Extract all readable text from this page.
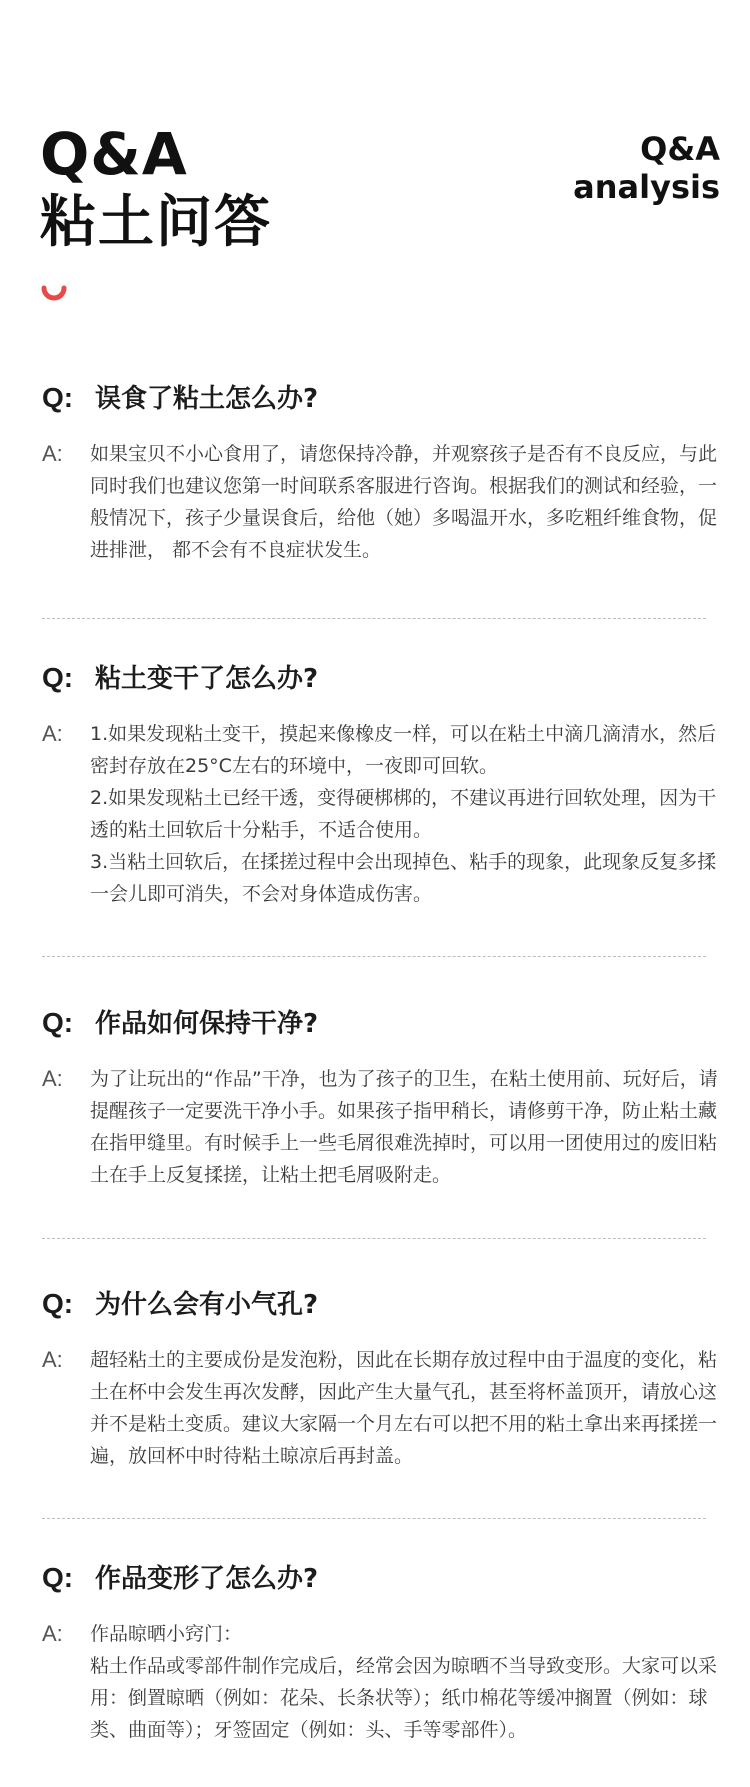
Q&A
粘土问答
Q&A
analysis
Q: 误食了粘土怎么办?
A:	如果宝贝不小心食用了，请您保持冷静，并观察孩子是否有不良反应，与此同时我们也建议您第一时间联系客服进行咨询。根据我们的测试和经验，一般情况下，孩子少量误食后，给他（她）多喝温开水，多吃粗纤维食物，促进排泄， 都不会有不良症状发生。

Q: 粘土变干了怎么办?
A:	1.如果发现粘土变干，摸起来像橡皮一样，可以在粘土中滴几滴清水，然后密封存放在25°C左右的环境中，一夜即可回软。

2.如果发现粘土已经干透，变得硬梆梆的，不建议再进行回软处理，因为干透的粘土回软后十分粘手，不适合使用。

3.当粘土回软后，在揉搓过程中会出现掉色、粘手的现象，此现象反复多揉一会儿即可消失，不会对身体造成伤害。

Q: 作品如何保持干净?
A:	为了让玩出的“作品”干净，也为了孩子的卫生，在粘土使用前、玩好后，请提醒孩子一定要洗干净小手。如果孩子指甲稍长，请修剪干净，防止粘土藏在指甲缝里。有时候手上一些毛屑很难洗掉时，可以用一团使用过的废旧粘土在手上反复揉搓，让粘土把毛屑吸附走。

Q: 为什么会有小气孔?
A:	超轻粘土的主要成份是发泡粉，因此在长期存放过程中由于温度的变化，粘土在杯中会发生再次发酵，因此产生大量气孔，甚至将杯盖顶开，请放心这并不是粘土变质。建议大家隔一个月左右可以把不用的粘土拿出来再揉搓一遍，放回杯中时待粘土晾凉后再封盖。

Q: 作品变形了怎么办?
A:	作品晾晒小窍门：

粘土作品或零部件制作完成后，经常会因为晾晒不当导致变形。大家可以采用：倒置晾晒（例如：花朵、长条状等）；纸巾棉花等缓冲搁置（例如：球类、曲面等）；牙签固定（例如：头、手等零部件）。
